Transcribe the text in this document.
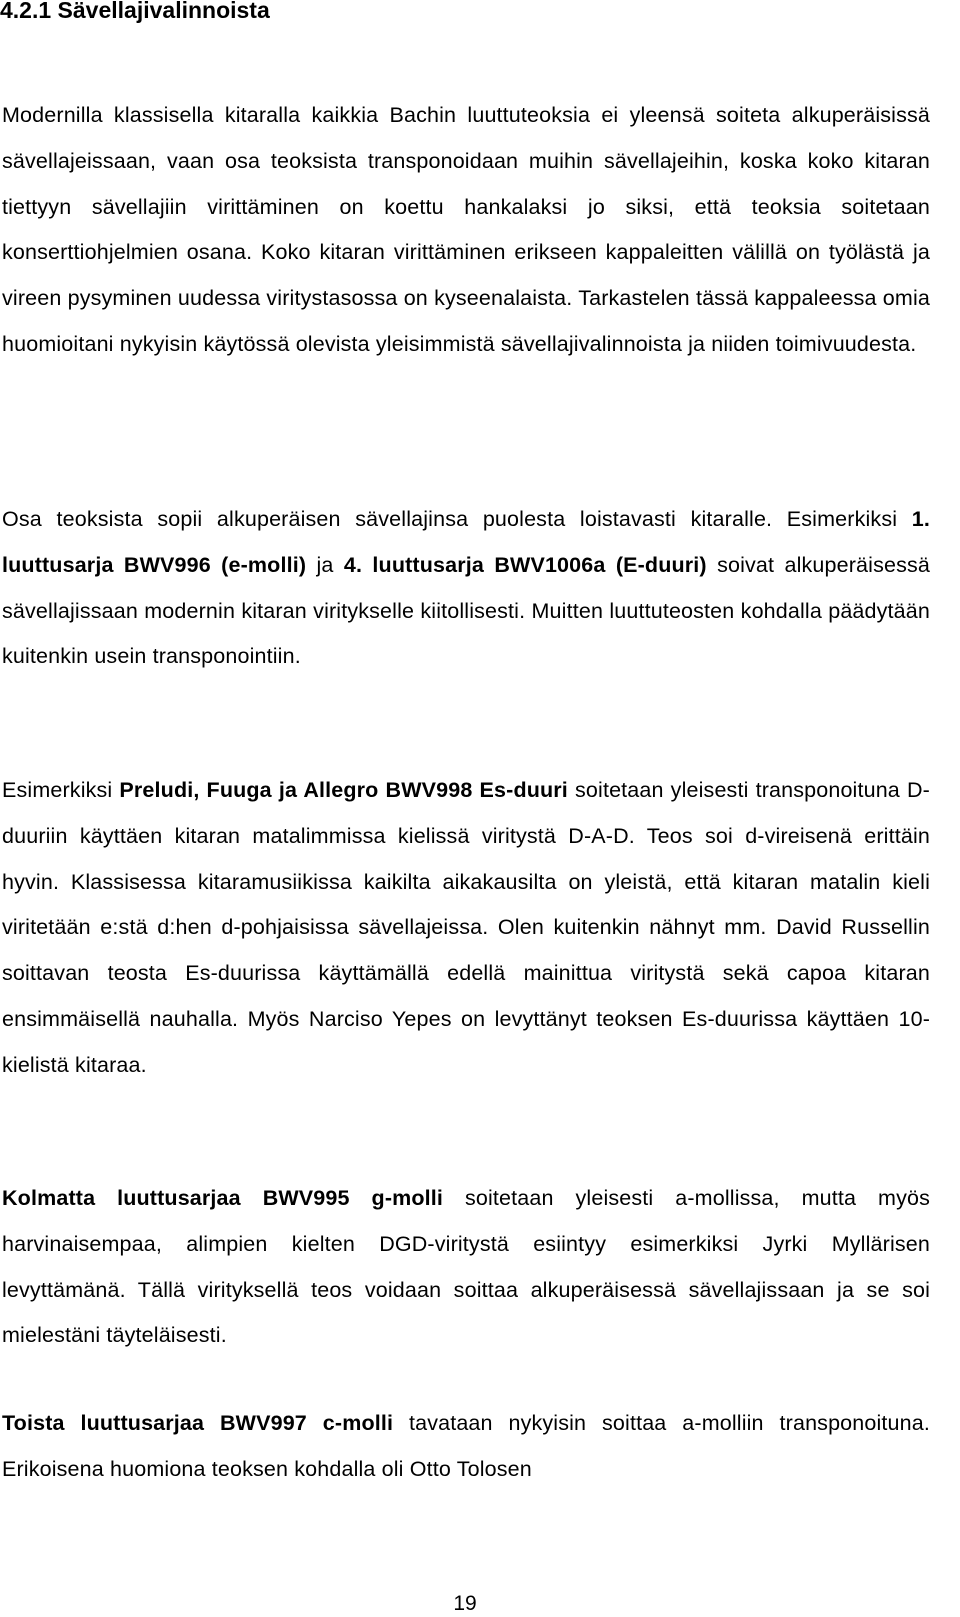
4.2.1 Sävellajivalinnoista

Modernilla klassisella kitaralla kaikkia Bachin luuttuteoksia ei yleensä soiteta alkuperäisissä sävellajeissaan, vaan osa teoksista transponoidaan muihin sävellajeihin, koska koko kitaran tiettyyn sävellajiin virittäminen on koettu hankalaksi jo siksi, että teoksia soitetaan konserttiohjelmien osana. Koko kitaran virittäminen erikseen kappaleitten välillä on työlästä ja vireen pysyminen uudessa viritystasossa on kyseenalaista. Tarkastelen tässä kappaleessa omia huomioitani nykyisin käytössä olevista yleisimmistä sävellajivalinnoista ja niiden toimivuudesta.

Osa teoksista sopii alkuperäisen sävellajinsa puolesta loistavasti kitaralle. Esimerkiksi 1. luuttusarja BWV996 (e-molli) ja 4. luuttusarja BWV1006a (E-duuri) soivat alkuperäisessä sävellajissaan modernin kitaran viritykselle kiitollisesti. Muitten luuttuteosten kohdalla päädytään kuitenkin usein transponointiin.

Esimerkiksi Preludi, Fuuga ja Allegro BWV998 Es-duuri soitetaan yleisesti transponoituna D-duuriin käyttäen kitaran matalimmissa kielissä viritystä D-A-D. Teos soi d-vireisenä erittäin hyvin. Klassisessa kitaramusiikissa kaikilta aikakausilta on yleistä, että kitaran matalin kieli viritetään e:stä d:hen d-pohjaisissa sävellajeissa. Olen kuitenkin nähnyt mm. David Russellin soittavan teosta Es-duurissa käyttämällä edellä mainittua viritystä sekä capoa kitaran ensimmäisellä nauhalla. Myös Narciso Yepes on levyttänyt teoksen Es-duurissa käyttäen 10-kielistä kitaraa.

Kolmatta luuttusarjaa BWV995 g-molli soitetaan yleisesti a-mollissa, mutta myös harvinaisempaa, alimpien kielten DGD-viritystä esiintyy esimerkiksi Jyrki Myllärisen levyttämänä. Tällä virityksellä teos voidaan soittaa alkuperäisessä sävellajissaan ja se soi mielestäni täyteläisesti.

Toista luuttusarjaa BWV997 c-molli tavataan nykyisin soittaa a-molliin transponoituna. Erikoisena huomiona teoksen kohdalla oli Otto Tolosen

19
